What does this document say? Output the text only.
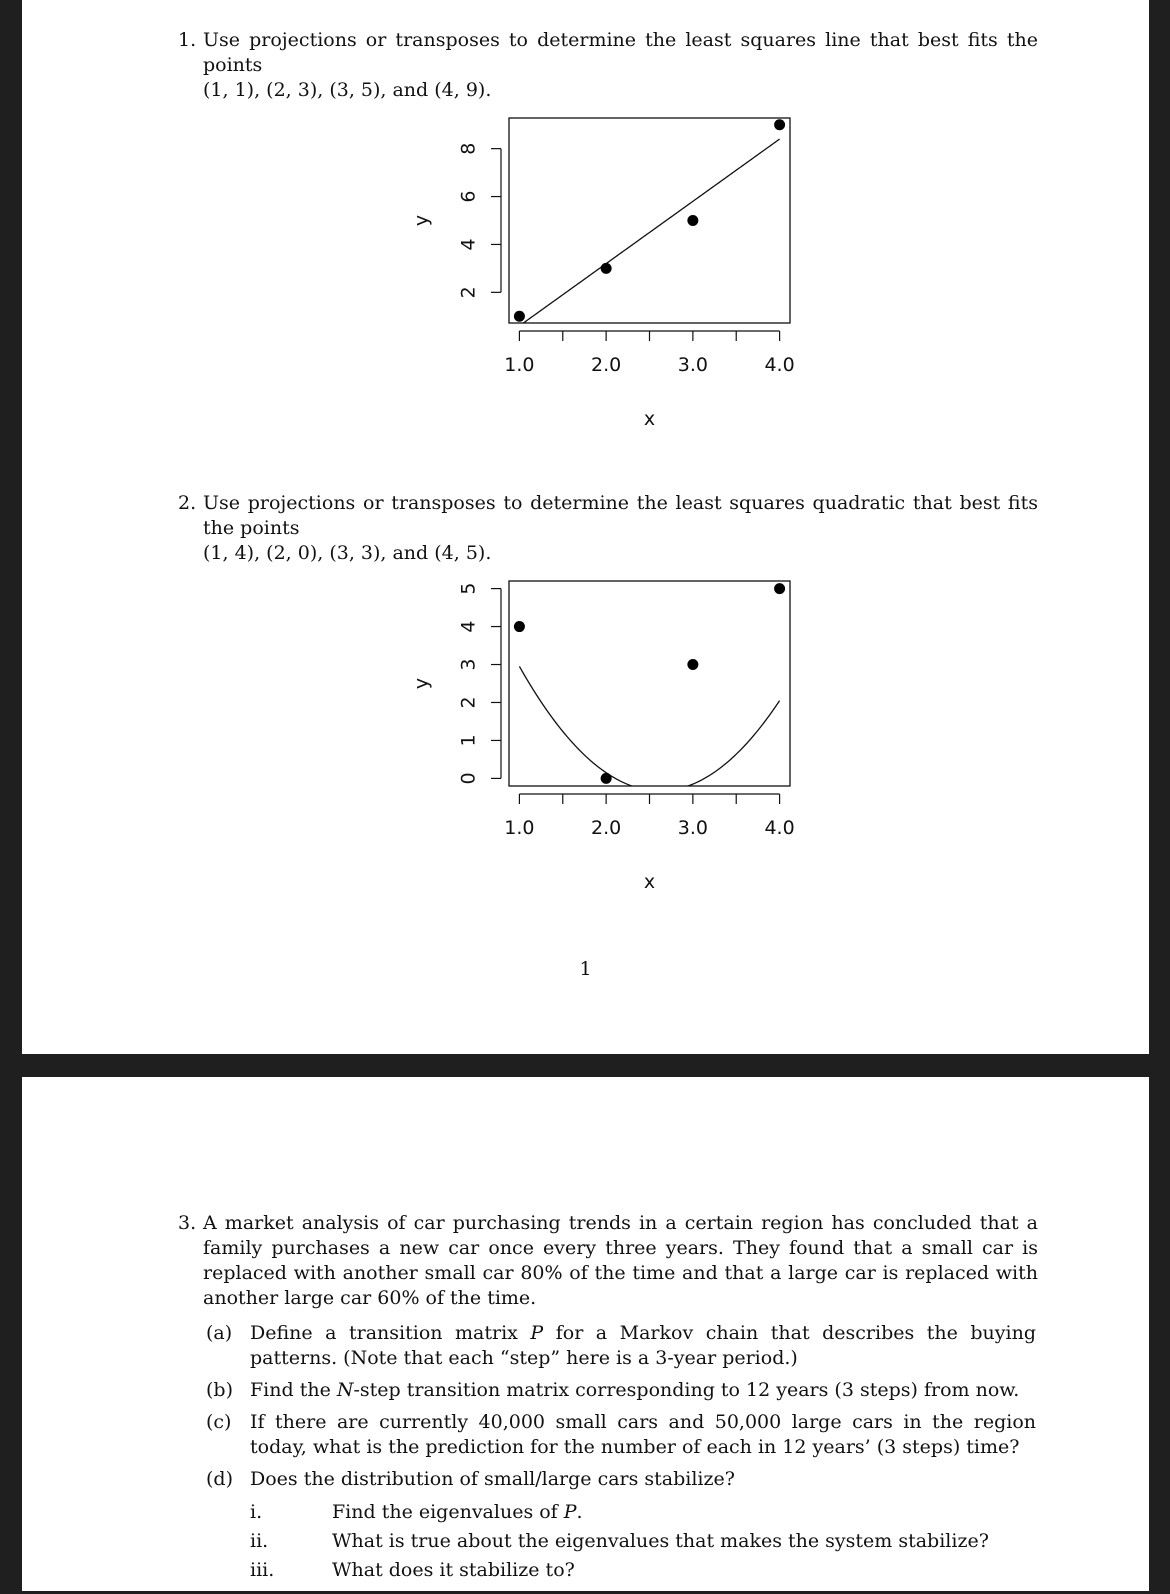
1. Use projections or transposes to determine the least squares line that best fits the points
(1, 1), (2, 3), (3, 5), and (4, 9).
1.0	2.0	3.0	4.0
x
2
4
6
8
y
2. Use projections or transposes to determine the least squares quadratic that best fits the points
(1, 4), (2, 0), (3, 3), and (4, 5).
1.0	2.0	3.0	4.0
x
0
1
2
3
4
5
y
1
3. A market analysis of car purchasing trends in a certain region has concluded that a family purchases a new car once every three years. They found that a small car is replaced with another small car 80% of the time and that a large car is replaced with another large car 60% of the time.
(a) Define a transition matrix P for a Markov chain that describes the buying patterns. (Note that each “step” here is a 3-year period.)
(b) Find the N-step transition matrix corresponding to 12 years (3 steps) from now.
(c) If there are currently 40,000 small cars and 50,000 large cars in the region today, what is the prediction for the number of each in 12 years’ (3 steps) time?
(d) Does the distribution of small/large cars stabilize?
i.	Find the eigenvalues of P.
ii.	What is true about the eigenvalues that makes the system stabilize?
iii.	What does it stabilize to?
